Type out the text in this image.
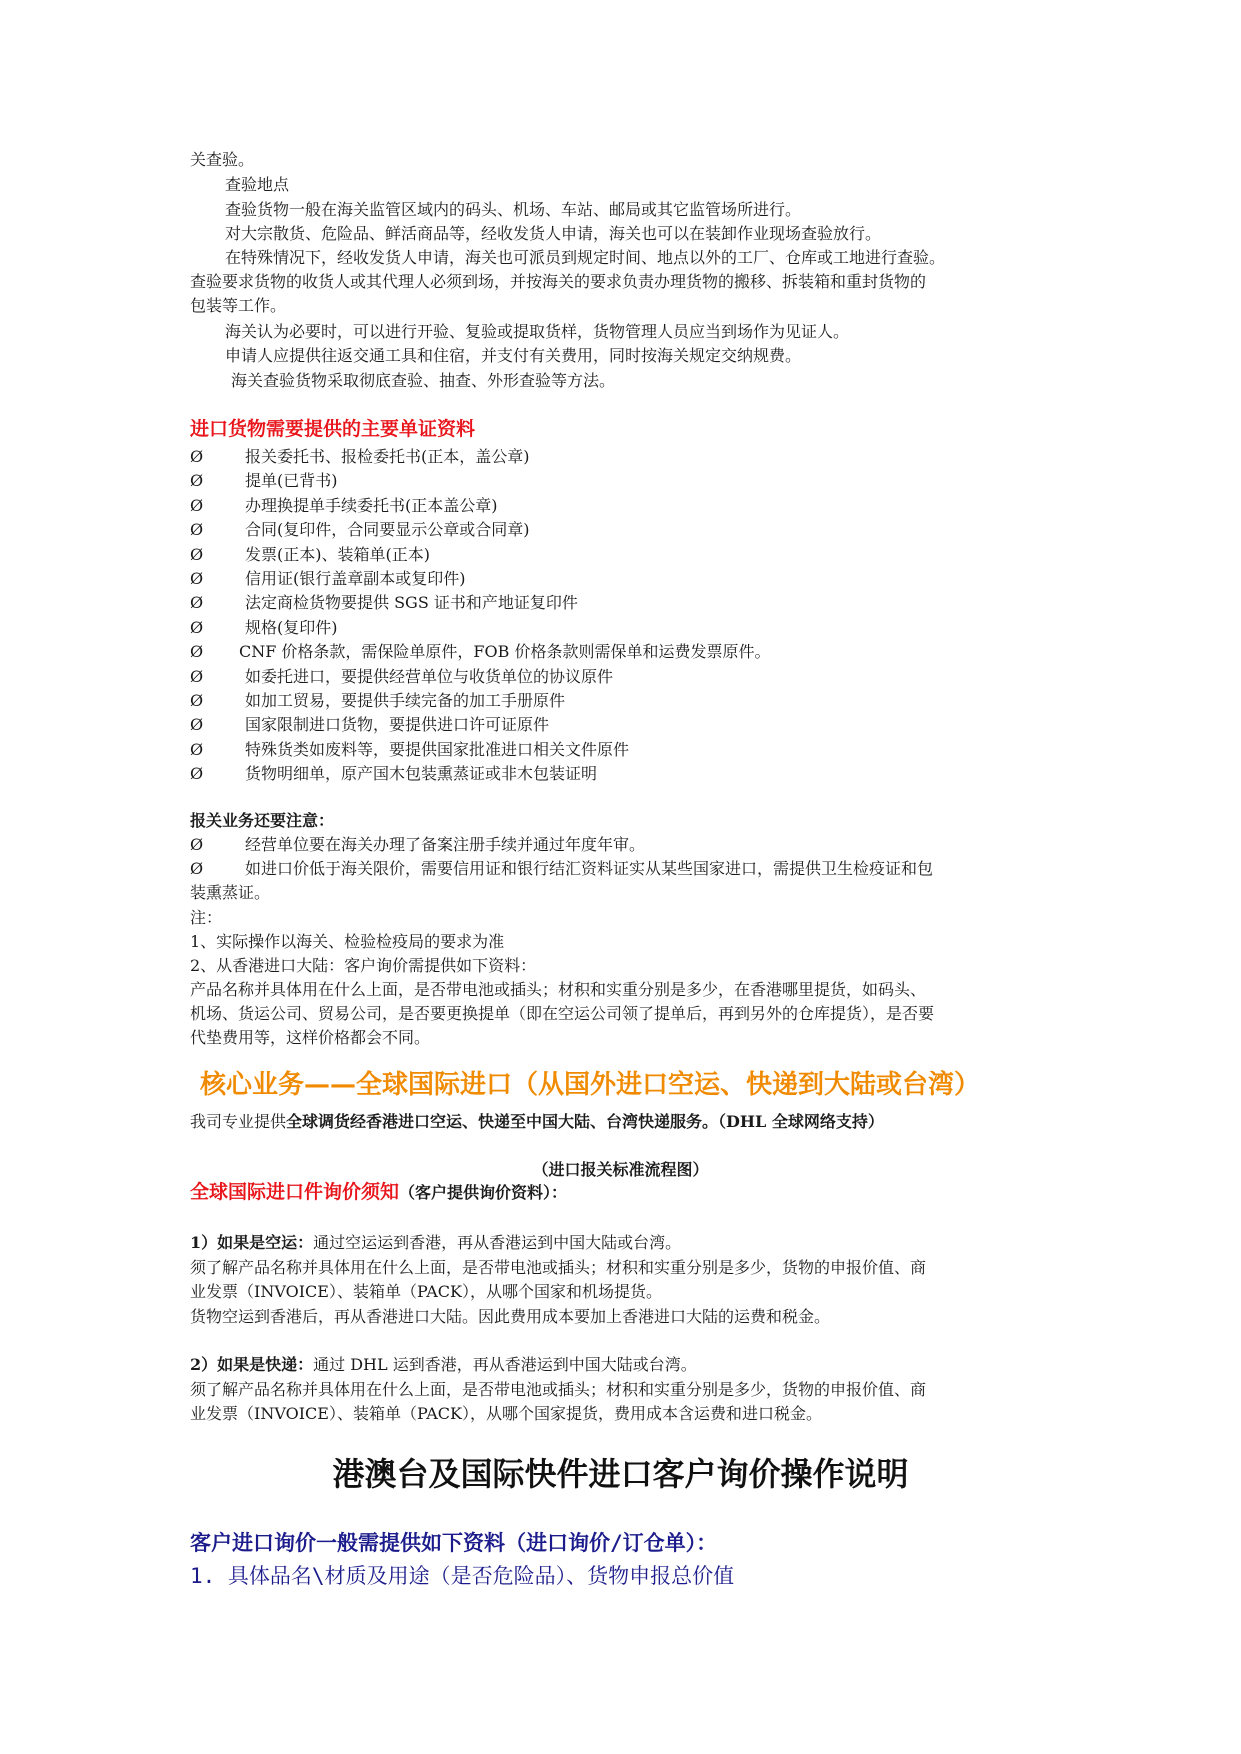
关查验。
查验地点
查验货物一般在海关监管区域内的码头、机场、车站、邮局或其它监管场所进行。
对大宗散货、危险品、鲜活商品等，经收发货人申请，海关也可以在装卸作业现场查验放行。
在特殊情况下，经收发货人申请，海关也可派员到规定时间、地点以外的工厂、仓库或工地进行查验。
查验要求货物的收货人或其代理人必须到场，并按海关的要求负责办理货物的搬移、拆装箱和重封货物的
包装等工作。
海关认为必要时，可以进行开验、复验或提取货样，货物管理人员应当到场作为见证人。
申请人应提供往返交通工具和住宿，并支付有关费用，同时按海关规定交纳规费。
海关查验货物采取彻底查验、抽查、外形查验等方法。
进口货物需要提供的主要单证资料
Ø	报关委托书、报检委托书(正本，盖公章)
Ø	提单(已背书)
Ø	办理换提单手续委托书(正本盖公章)
Ø	合同(复印件，合同要显示公章或合同章)
Ø	发票(正本)、装箱单(正本)
Ø	信用证(银行盖章副本或复印件)
Ø	法定商检货物要提供 SGS 证书和产地证复印件
Ø	规格(复印件)
Ø CNF 价格条款，需保险单原件，FOB 价格条款则需保单和运费发票原件。
Ø	如委托进口，要提供经营单位与收货单位的协议原件
Ø	如加工贸易，要提供手续完备的加工手册原件
Ø	国家限制进口货物，要提供进口许可证原件
Ø	特殊货类如废料等，要提供国家批准进口相关文件原件
Ø	货物明细单，原产国木包装熏蒸证或非木包装证明
报关业务还要注意：
Ø	经营单位要在海关办理了备案注册手续并通过年度年审。
Ø	如进口价低于海关限价，需要信用证和银行结汇资料证实从某些国家进口，需提供卫生检疫证和包
装熏蒸证。
注：
1、实际操作以海关、检验检疫局的要求为准
2、从香港进口大陆：客户询价需提供如下资料：
产品名称并具体用在什么上面，是否带电池或插头；材积和实重分别是多少，在香港哪里提货，如码头、
机场、货运公司、贸易公司，是否要更换提单（即在空运公司领了提单后，再到另外的仓库提货），是否要
代垫费用等，这样价格都会不同。
核心业务——全球国际进口（从国外进口空运、快递到大陆或台湾）
我司专业提供全球调货经香港进口空运、快递至中国大陆、台湾快递服务。（DHL 全球网络支持）
（进口报关标准流程图）
全球国际进口件询价须知（客户提供询价资料）：
1）如果是空运：通过空运运到香港，再从香港运到中国大陆或台湾。
须了解产品名称并具体用在什么上面，是否带电池或插头；材积和实重分别是多少，货物的申报价值、商
业发票（INVOICE）、装箱单（PACK），从哪个国家和机场提货。
货物空运到香港后，再从香港进口大陆。因此费用成本要加上香港进口大陆的运费和税金。
2）如果是快递：通过 DHL 运到香港，再从香港运到中国大陆或台湾。
须了解产品名称并具体用在什么上面，是否带电池或插头；材积和实重分别是多少，货物的申报价值、商
业发票（INVOICE）、装箱单（PACK），从哪个国家提货，费用成本含运费和进口税金。
港澳台及国际快件进口客户询价操作说明
客户进口询价一般需提供如下资料（进口询价/订仓单）：
1. 具体品名\材质及用途（是否危险品）、货物申报总价值
